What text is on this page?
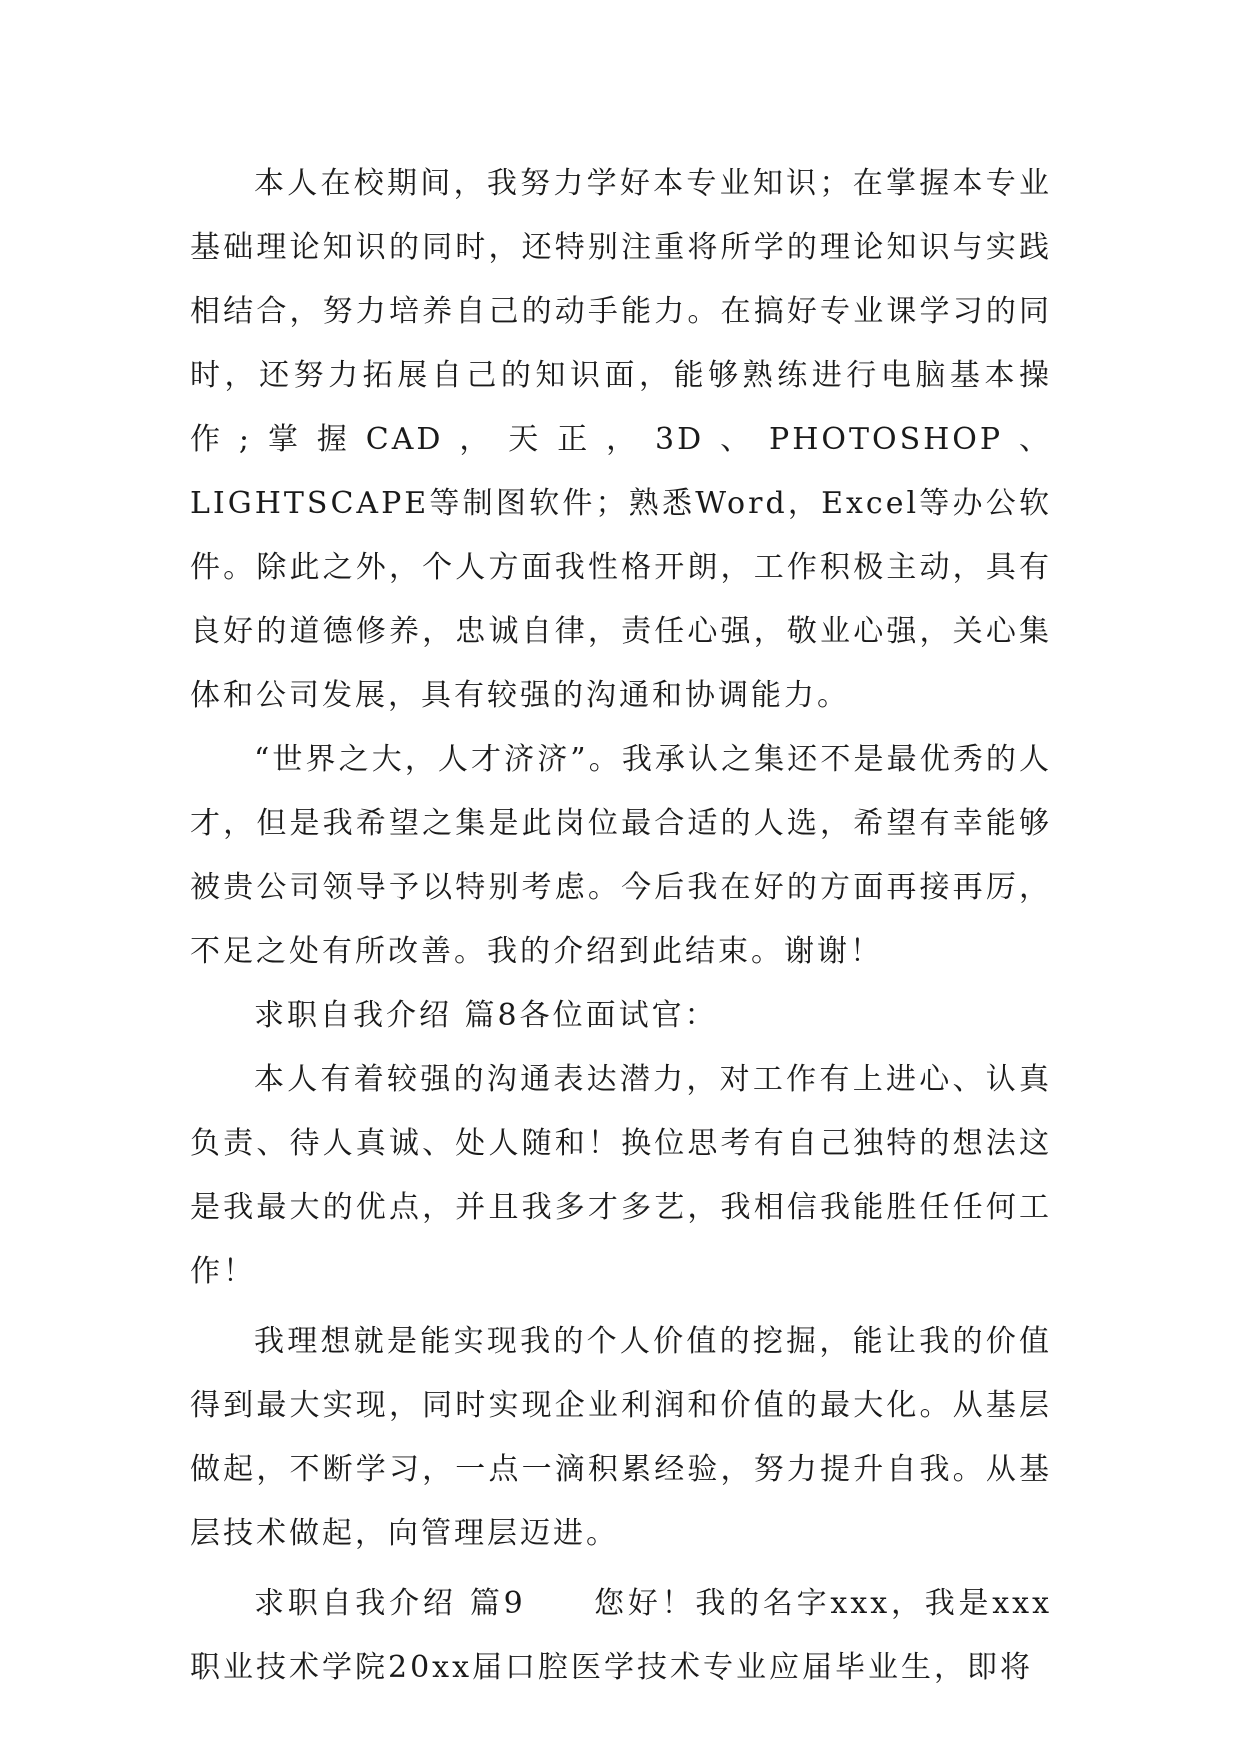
本人在校期间，我努力学好本专业知识；在掌握本专业基础理论知识的同时，还特别注重将所学的理论知识与实践相结合，努力培养自己的动手能力。在搞好专业课学习的同时，还努力拓展自己的知识面，能够熟练进行电脑基本操作;掌握CAD，天正，3D、PHOTOSHOP、LIGHTSCAPE等制图软件；熟悉Word，Excel等办公软件。除此之外，个人方面我性格开朗，工作积极主动，具有良好的道德修养，忠诚自律，责任心强，敬业心强，关心集体和公司发展，具有较强的沟通和协调能力。

“世界之大，人才济济”。我承认之集还不是最优秀的人才，但是我希望之集是此岗位最合适的人选，希望有幸能够被贵公司领导予以特别考虑。今后我在好的方面再接再厉，不足之处有所改善。我的介绍到此结束。谢谢！

求职自我介绍 篇8各位面试官：

本人有着较强的沟通表达潜力，对工作有上进心、认真负责、待人真诚、处人随和！换位思考有自己独特的想法这是我最大的优点，并且我多才多艺，我相信我能胜任任何工作！

我理想就是能实现我的个人价值的挖掘，能让我的价值得到最大实现，同时实现企业利润和价值的最大化。从基层做起，不断学习，一点一滴积累经验，努力提升自我。从基层技术做起，向管理层迈进。

求职自我介绍 篇9　　您好！我的名字xxx，我是xxx职业技术学院20xx届口腔医学技术专业应届毕业生，即将
